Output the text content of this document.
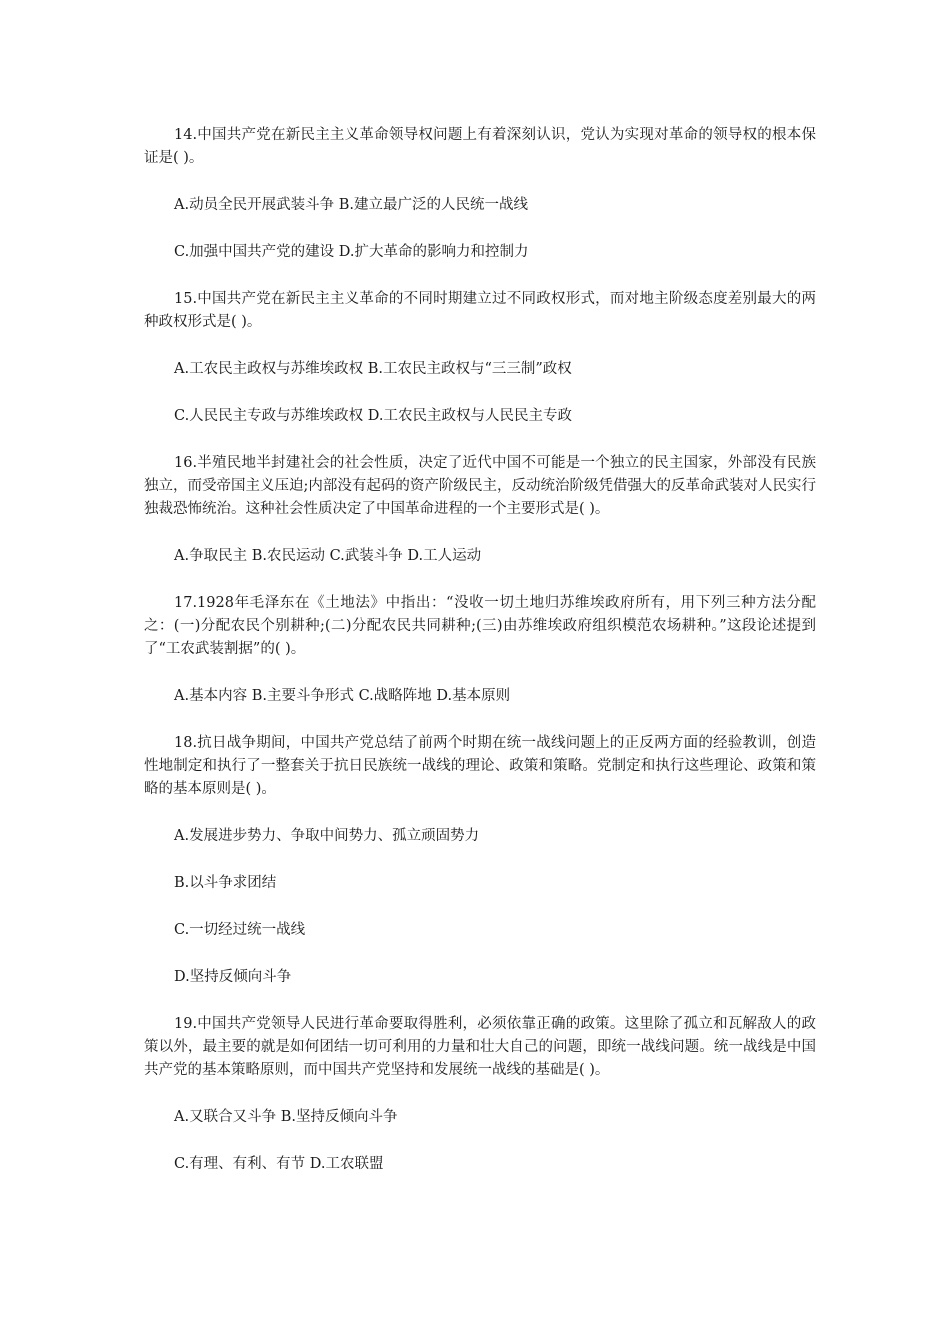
14.中国共产党在新民主主义革命领导权问题上有着深刻认识，党认为实现对革命的领导权的根本保证是( )。

A.动员全民开展武装斗争 B.建立最广泛的人民统一战线

C.加强中国共产党的建设 D.扩大革命的影响力和控制力

15.中国共产党在新民主主义革命的不同时期建立过不同政权形式，而对地主阶级态度差别最大的两种政权形式是( )。

A.工农民主政权与苏维埃政权 B.工农民主政权与“三三制”政权

C.人民民主专政与苏维埃政权 D.工农民主政权与人民民主专政

16.半殖民地半封建社会的社会性质，决定了近代中国不可能是一个独立的民主国家，外部没有民族独立，而受帝国主义压迫;内部没有起码的资产阶级民主，反动统治阶级凭借强大的反革命武装对人民实行独裁恐怖统治。这种社会性质决定了中国革命进程的一个主要形式是( )。

A.争取民主 B.农民运动 C.武装斗争 D.工人运动

17.1928年毛泽东在《土地法》中指出：“没收一切土地归苏维埃政府所有，用下列三种方法分配之：(一)分配农民个别耕种;(二)分配农民共同耕种;(三)由苏维埃政府组织模范农场耕种。”这段论述提到了“工农武装割据”的( )。

A.基本内容 B.主要斗争形式 C.战略阵地 D.基本原则

18.抗日战争期间，中国共产党总结了前两个时期在统一战线问题上的正反两方面的经验教训，创造性地制定和执行了一整套关于抗日民族统一战线的理论、政策和策略。党制定和执行这些理论、政策和策略的基本原则是( )。

A.发展进步势力、争取中间势力、孤立顽固势力

B.以斗争求团结

C.一切经过统一战线

D.坚持反倾向斗争

19.中国共产党领导人民进行革命要取得胜利，必须依靠正确的政策。这里除了孤立和瓦解敌人的政策以外，最主要的就是如何团结一切可利用的力量和壮大自己的问题，即统一战线问题。统一战线是中国共产党的基本策略原则，而中国共产党坚持和发展统一战线的基础是( )。

A.又联合又斗争 B.坚持反倾向斗争

C.有理、有利、有节 D.工农联盟
